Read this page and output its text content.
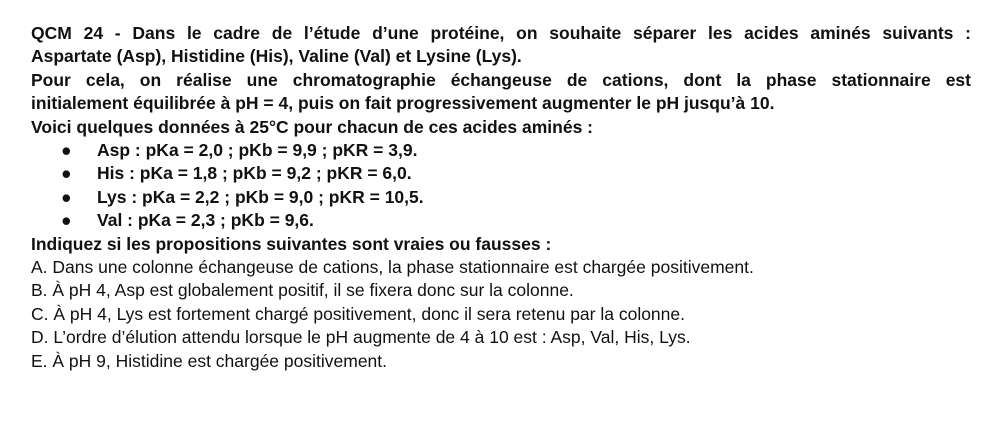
QCM 24 - Dans le cadre de l’étude d’une protéine, on souhaite séparer les acides aminés suivants :
Aspartate (Asp), Histidine (His), Valine (Val) et Lysine (Lys).
Pour cela, on réalise une chromatographie échangeuse de cations, dont la phase stationnaire est
initialement équilibrée à pH = 4, puis on fait progressivement augmenter le pH jusqu’à 10.
Voici quelques données à 25°C pour chacun de ces acides aminés :
● Asp : pKa = 2,0 ; pKb = 9,9 ; pKR = 3,9.
● His : pKa = 1,8 ; pKb = 9,2 ; pKR = 6,0.
● Lys : pKa = 2,2 ; pKb = 9,0 ; pKR = 10,5.
● Val : pKa = 2,3 ; pKb = 9,6.
Indiquez si les propositions suivantes sont vraies ou fausses :
A. Dans une colonne échangeuse de cations, la phase stationnaire est chargée positivement.
B. À pH 4, Asp est globalement positif, il se fixera donc sur la colonne.
C. À pH 4, Lys est fortement chargé positivement, donc il sera retenu par la colonne.
D. L’ordre d’élution attendu lorsque le pH augmente de 4 à 10 est : Asp, Val, His, Lys.
E. À pH 9, Histidine est chargée positivement.
